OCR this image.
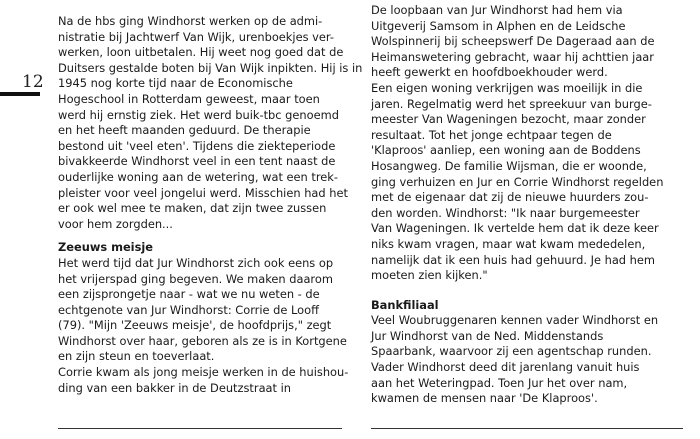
12
Na de hbs ging Windhorst werken op de admi-
nistratie bij Jachtwerf Van Wijk, urenboekjes ver-
werken, loon uitbetalen. Hij weet nog goed dat de
Duitsers gestalde boten bij Van Wijk inpikten. Hij is in
1945 nog korte tijd naar de Economische
Hogeschool in Rotterdam geweest, maar toen
werd hij ernstig ziek. Het werd buik-tbc genoemd
en het heeft maanden geduurd. De therapie
bestond uit 'veel eten'. Tijdens die ziekteperiode
bivakkeerde Windhorst veel in een tent naast de
ouderlijke woning aan de wetering, wat een trek-
pleister voor veel jongelui werd. Misschien had het
er ook wel mee te maken, dat zijn twee zussen
voor hem zorgden...
Zeeuws meisje
Het werd tijd dat Jur Windhorst zich ook eens op
het vrijerspad ging begeven. We maken daarom
een zijsprongetje naar - wat we nu weten - de
echtgenote van Jur Windhorst: Corrie de Looff
(79). "Mijn 'Zeeuws meisje', de hoofdprijs," zegt
Windhorst over haar, geboren als ze is in Kortgene
en zijn steun en toeverlaat.
Corrie kwam als jong meisje werken in de huishou-
ding van een bakker in de Deutzstraat in
De loopbaan van Jur Windhorst had hem via
Uitgeverij Samsom in Alphen en de Leidsche
Wolspinnerij bij scheepswerf De Dageraad aan de
Heimanswetering gebracht, waar hij achttien jaar
heeft gewerkt en hoofdboekhouder werd.
Een eigen woning verkrijgen was moeilijk in die
jaren. Regelmatig werd het spreekuur van burge-
meester Van Wageningen bezocht, maar zonder
resultaat. Tot het jonge echtpaar tegen de
'Klaproos' aanliep, een woning aan de Boddens
Hosangweg. De familie Wijsman, die er woonde,
ging verhuizen en Jur en Corrie Windhorst regelden
met de eigenaar dat zij de nieuwe huurders zou-
den worden. Windhorst: "Ik naar burgemeester
Van Wageningen. Ik vertelde hem dat ik deze keer
niks kwam vragen, maar wat kwam mededelen,
namelijk dat ik een huis had gehuurd. Je had hem
moeten zien kijken."
Bankfiliaal
Veel Woubruggenaren kennen vader Windhorst en
Jur Windhorst van de Ned. Middenstands
Spaarbank, waarvoor zij een agentschap runden.
Vader Windhorst deed dit jarenlang vanuit huis
aan het Weteringpad. Toen Jur het over nam,
kwamen de mensen naar 'De Klaproos'.
